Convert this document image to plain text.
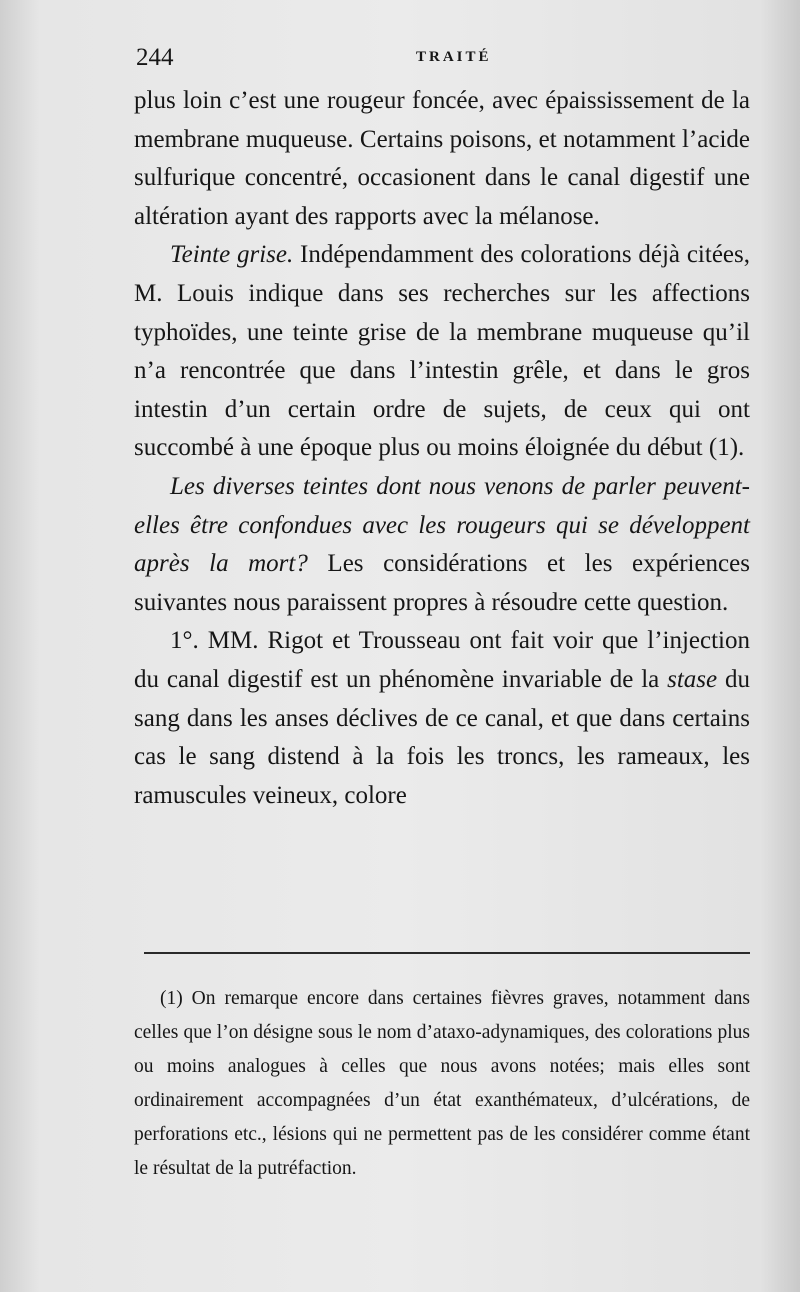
244	TRAITÉ

plus loin c’est une rougeur foncée, avec épaississement de la membrane muqueuse. Certains poisons, et notamment l’acide sulfurique concentré, occasionent dans le canal digestif une altération ayant des rapports avec la mélanose.

Teinte grise. Indépendamment des colorations déjà citées, M. Louis indique dans ses recherches sur les affections typhoïdes, une teinte grise de la membrane muqueuse qu’il n’a rencontrée que dans l’intestin grêle, et dans le gros intestin d’un certain ordre de sujets, de ceux qui ont succombé à une époque plus ou moins éloignée du début (1).

Les diverses teintes dont nous venons de parler peuvent-elles être confondues avec les rougeurs qui se développent après la mort? Les considérations et les expériences suivantes nous paraissent propres à résoudre cette question.

1°. MM. Rigot et Trousseau ont fait voir que l’injection du canal digestif est un phénomène invariable de la stase du sang dans les anses déclives de ce canal, et que dans certains cas le sang distend à la fois les troncs, les rameaux, les ramuscules veineux, colore

(1) On remarque encore dans certaines fièvres graves, notamment dans celles que l’on désigne sous le nom d’ataxo-adynamiques, des colorations plus ou moins analogues à celles que nous avons notées; mais elles sont ordinairement accompagnées d’un état exanthémateux, d’ulcérations, de perforations etc., lésions qui ne permettent pas de les considérer comme étant le résultat de la putréfaction.
